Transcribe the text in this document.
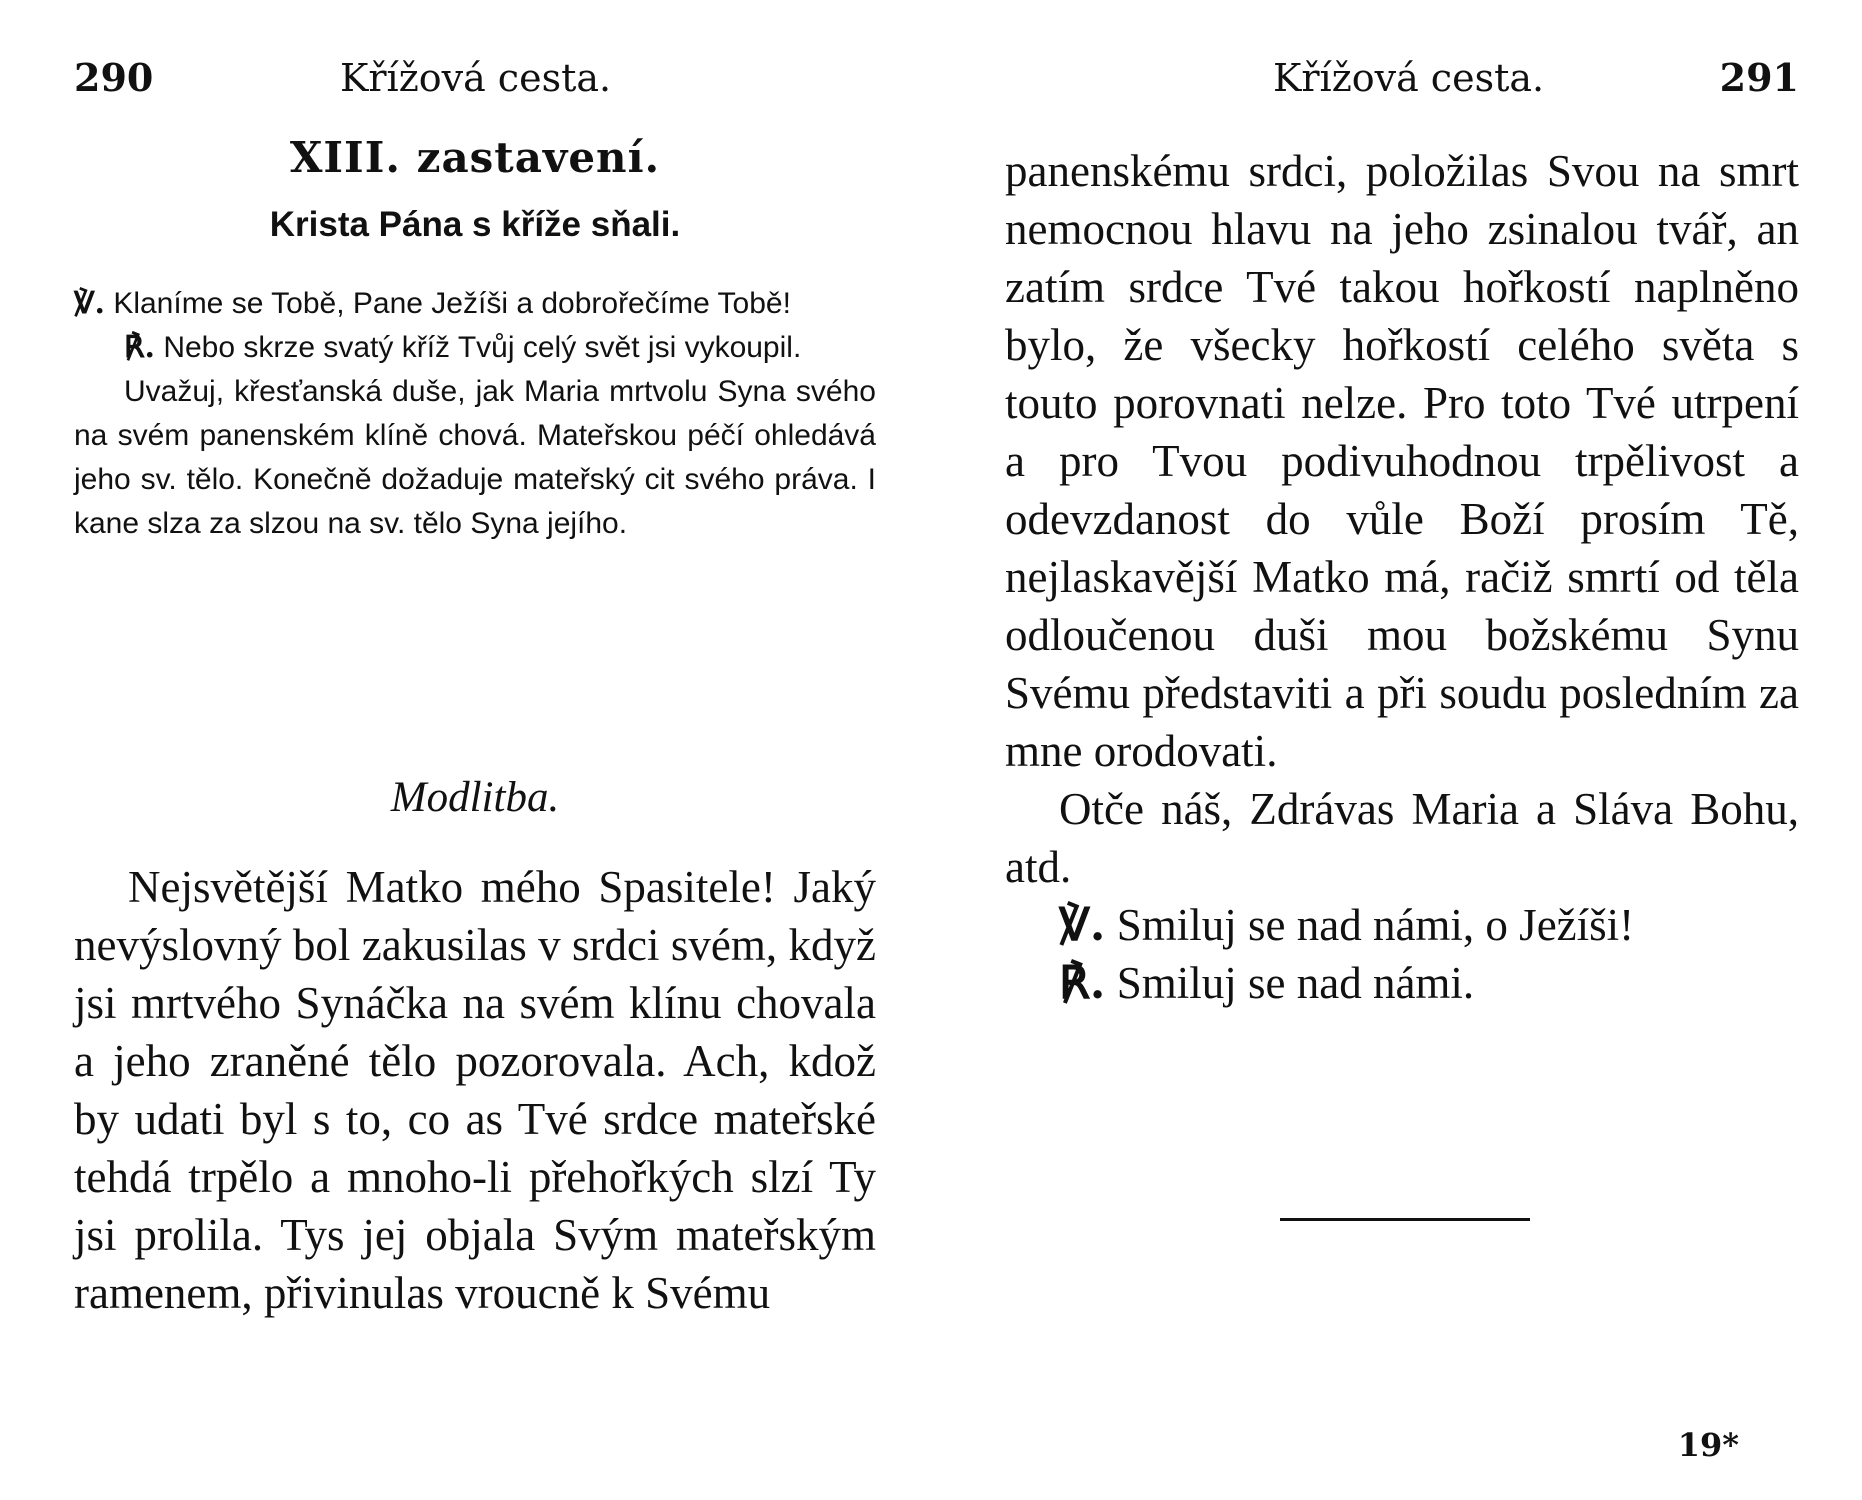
290	Křížová cesta.
XIII. zastavení.
Krista Pána s kříže sňali.

℣. Klaníme se Tobě, Pane Ježíši a dobrořečíme Tobě!

℟. Nebo skrze svatý kříž Tvůj celý svět jsi vykoupil.

Uvažuj, křesťanská duše, jak Maria mrtvolu Syna svého na svém panenském klíně chová. Mateřskou péčí ohledává jeho sv. tělo. Konečně dožaduje mateřský cit svého práva. I kane slza za slzou na sv. tělo Syna jejího.

Modlitba.

Nejsvětější Matko mého Spasitele! Jaký nevýslovný bol zakusilas v srdci svém, když jsi mrtvého Synáčka na svém klínu chovala a jeho zraněné tělo pozorovala. Ach, kdož by udati byl s to, co as Tvé srdce mateřské tehdá trpělo a mnoho-li přehořkých slzí Ty jsi prolila. Tys jej objala Svým mateřským ramenem, přivinulas vroucně k Svému

Křížová cesta.	291

panenskému srdci, položilas Svou na smrt nemocnou hlavu na jeho zsinalou tvář, an zatím srdce Tvé takou hořkostí naplněno bylo, že všecky hořkostí celého světa s touto porovnati nelze. Pro toto Tvé utrpení a pro Tvou podivuhodnou trpělivost a odevzdanost do vůle Boží prosím Tě, nejlaskavější Matko má, račiž smrtí od těla odloučenou duši mou božskému Synu Svému představiti a při soudu posledním za mne orodovati.

Otče náš, Zdrávas Maria a Sláva Bohu, atd.

℣. Smiluj se nad námi, o Ježíši!

℟. Smiluj se nad námi.

19*
